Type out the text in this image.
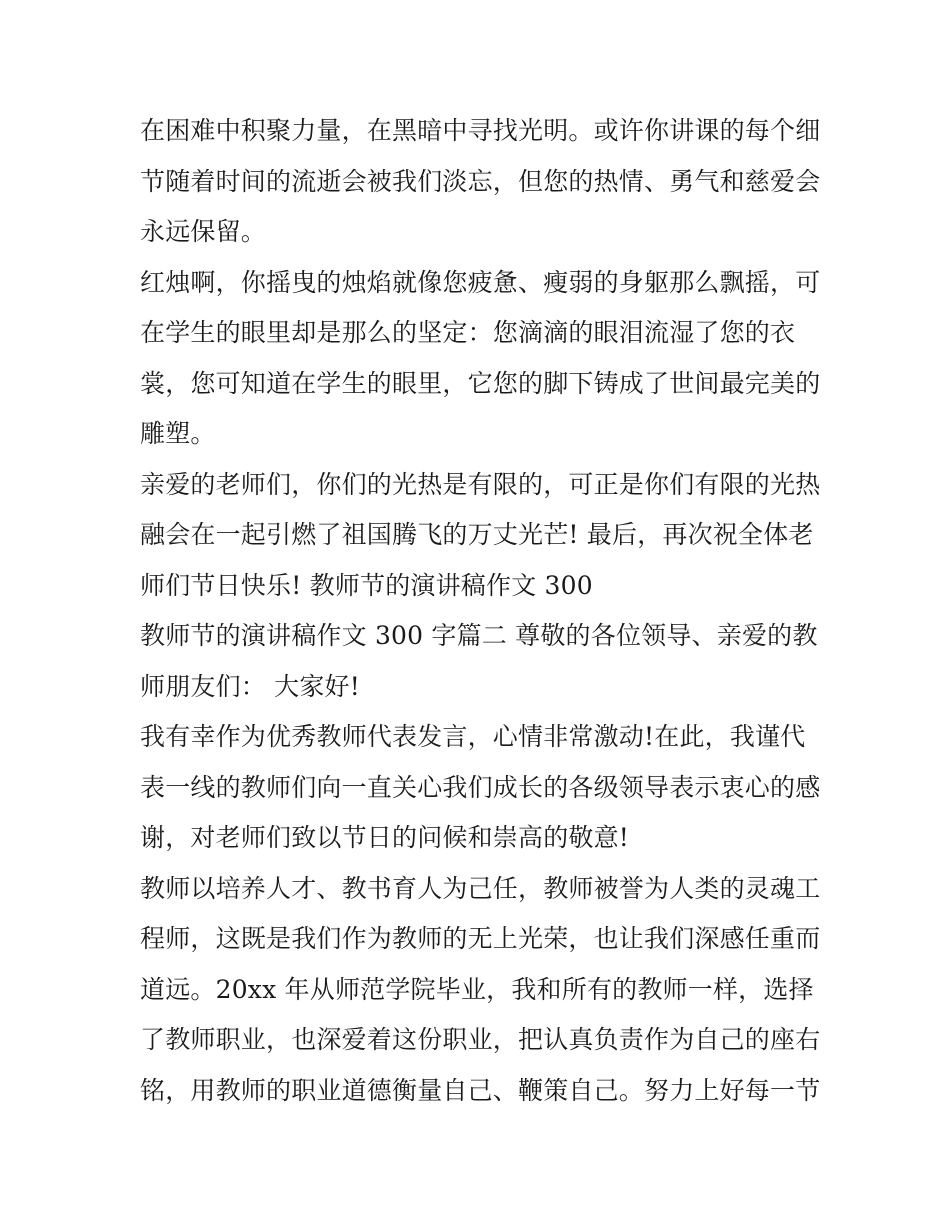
在困难中积聚力量，在黑暗中寻找光明。或许你讲课的每个细
节随着时间的流逝会被我们淡忘，但您的热情、勇气和慈爱会
永远保留。
红烛啊，你摇曳的烛焰就像您疲惫、瘦弱的身躯那么飘摇，可
在学生的眼里却是那么的坚定：您滴滴的眼泪流湿了您的衣
裳，您可知道在学生的眼里，它您的脚下铸成了世间最完美的
雕塑。
亲爱的老师们，你们的光热是有限的，可正是你们有限的光热
融会在一起引燃了祖国腾飞的万丈光芒! 最后，再次祝全体老
师们节日快乐! 教师节的演讲稿作文 300
教师节的演讲稿作文 300 字篇二 尊敬的各位领导、亲爱的教
师朋友们： 大家好!
我有幸作为优秀教师代表发言，心情非常激动!在此，我谨代
表一线的教师们向一直关心我们成长的各级领导表示衷心的感
谢，对老师们致以节日的问候和崇高的敬意!
教师以培养人才、教书育人为己任，教师被誉为人类的灵魂工
程师，这既是我们作为教师的无上光荣，也让我们深感任重而
道远。20xx 年从师范学院毕业，我和所有的教师一样，选择
了教师职业，也深爱着这份职业，把认真负责作为自己的座右
铭，用教师的职业道德衡量自己、鞭策自己。努力上好每一节
